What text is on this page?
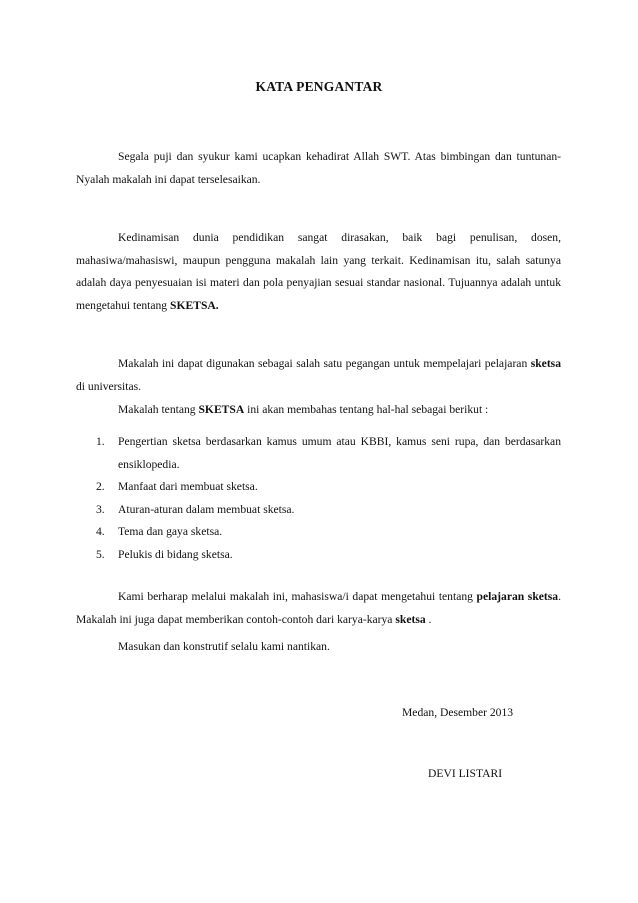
KATA PENGANTAR

Segala puji dan syukur kami ucapkan kehadirat Allah SWT. Atas bimbingan dan tuntunan-Nyalah makalah ini dapat terselesaikan.

Kedinamisan dunia pendidikan sangat dirasakan, baik bagi penulisan, dosen, mahasiwa/mahasiswi, maupun pengguna makalah lain yang terkait. Kedinamisan itu, salah satunya adalah daya penyesuaian isi materi dan pola penyajian sesuai standar nasional. Tujuannya adalah untuk mengetahui tentang SKETSA.

Makalah ini dapat digunakan sebagai salah satu pegangan untuk mempelajari pelajaran sketsa di universitas.

Makalah tentang SKETSA ini akan membahas tentang hal-hal sebagai berikut :

1. Pengertian sketsa berdasarkan kamus umum atau KBBI, kamus seni rupa, dan berdasarkan ensiklopedia.
2. Manfaat dari membuat sketsa.
3. Aturan-aturan dalam membuat sketsa.
4. Tema dan gaya sketsa.
5. Pelukis di bidang sketsa.

Kami berharap melalui makalah ini, mahasiswa/i dapat mengetahui tentang pelajaran sketsa. Makalah ini juga dapat memberikan contoh-contoh dari karya-karya sketsa .

Masukan dan konstrutif selalu kami nantikan.

Medan, Desember 2013
DEVI LISTARI
